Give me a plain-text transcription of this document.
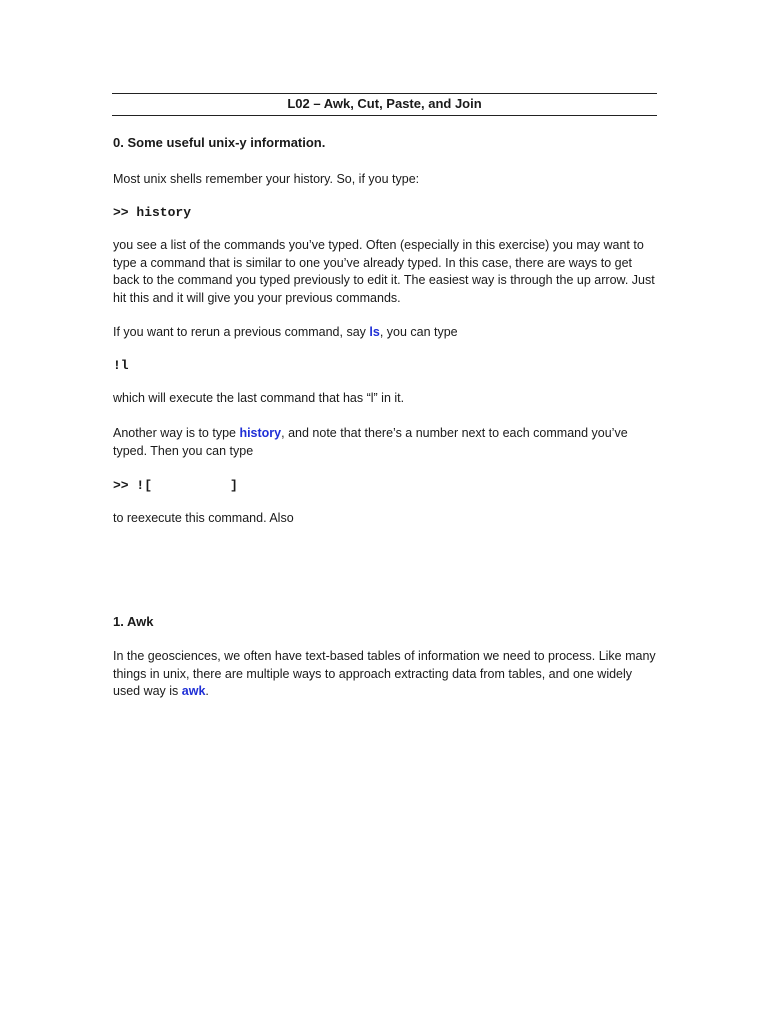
L02 – Awk, Cut, Paste, and Join

0. Some useful unix-y information.

Most unix shells remember your history. So, if you type:

>> history

you see a list of the commands you’ve typed. Often (especially in this exercise) you may want to type a command that is similar to one you’ve already typed. In this case, there are ways to get back to the command you typed previously to edit it. The easiest way is through the up arrow. Just hit this and it will give you your previous commands.

If you want to rerun a previous command, say ls, you can type

!l

which will execute the last command that has “l” in it.

Another way is to type history, and note that there’s a number next to each command you’ve typed. Then you can type

>> ![          ]

to reexecute this command. Also

1. Awk

In the geosciences, we often have text-based tables of information we need to process. Like many things in unix, there are multiple ways to approach extracting data from tables, and one widely used way is awk.
